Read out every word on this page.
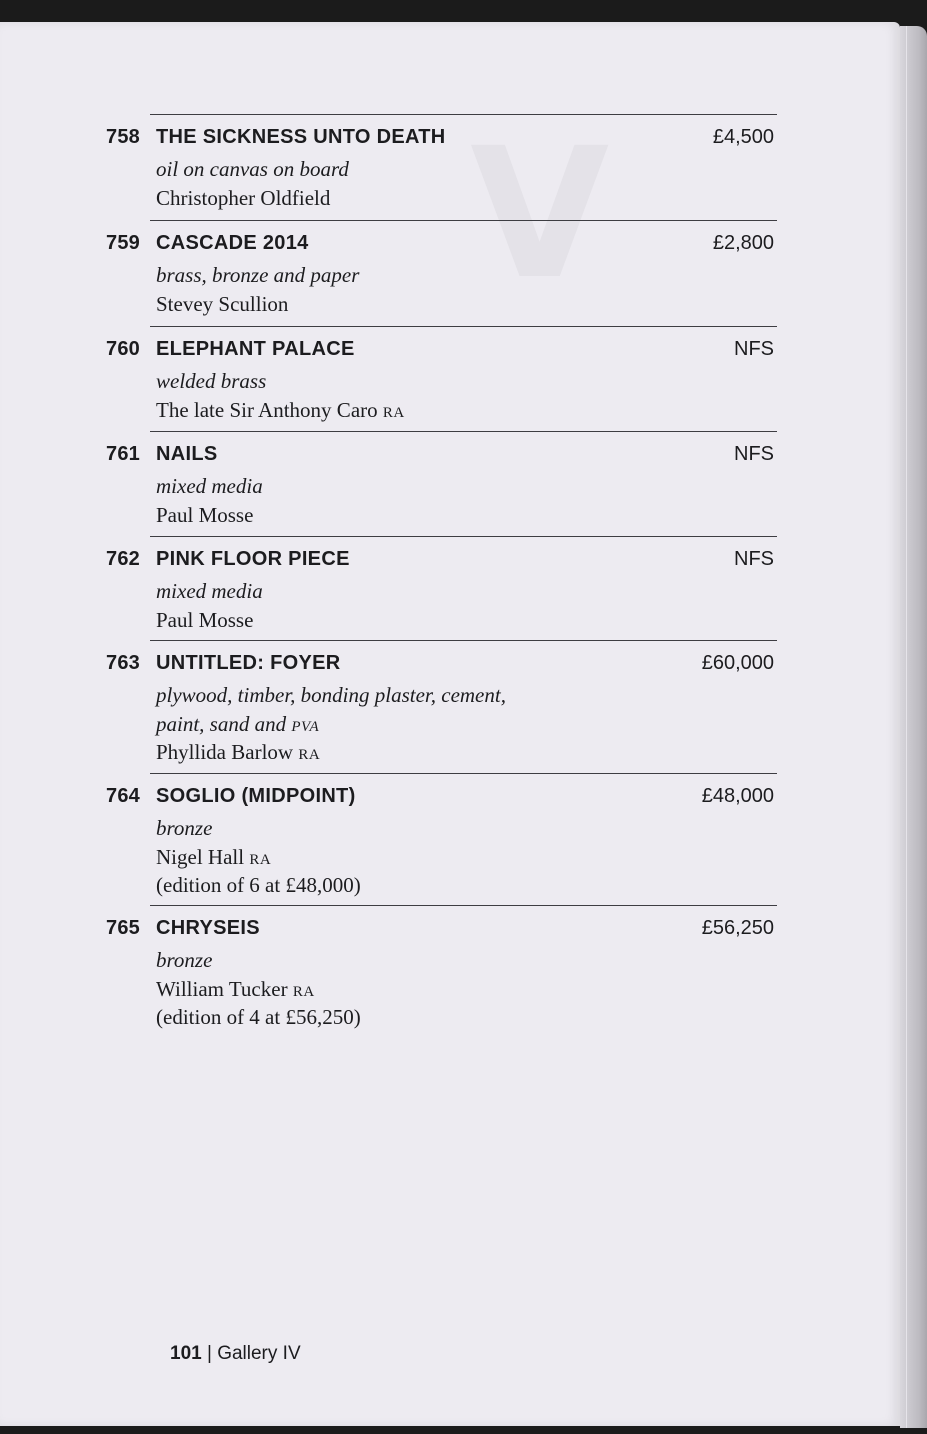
758 THE SICKNESS UNTO DEATH	£4,500
oil on canvas on board
Christopher Oldfield
759 CASCADE 2014	£2,800
brass, bronze and paper
Stevey Scullion
760 ELEPHANT PALACE	NFS
welded brass
The late Sir Anthony Caro RA
761 NAILS	NFS
mixed media
Paul Mosse
762 PINK FLOOR PIECE	NFS
mixed media
Paul Mosse
763 UNTITLED: FOYER	£60,000
plywood, timber, bonding plaster, cement,
paint, sand and PVA
Phyllida Barlow RA
764 SOGLIO (MIDPOINT)	£48,000
bronze
Nigel Hall RA
(edition of 6 at £48,000)
765 CHRYSEIS	£56,250
bronze
William Tucker RA
(edition of 4 at £56,250)
101 | Gallery IV
